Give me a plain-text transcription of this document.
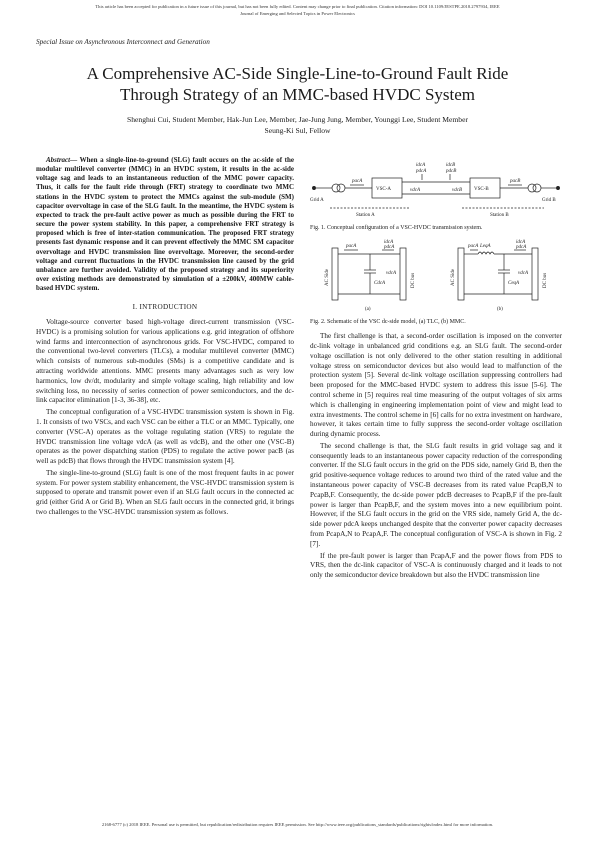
This article has been accepted for publication in a future issue of this journal, but has not been fully edited. Content may change prior to final publication. Citation information: DOI 10.1109/JESTPE.2018.2797934, IEEE
Journal of Emerging and Selected Topics in Power Electronics
Special Issue on Asynchronous Interconnect and Generation
A Comprehensive AC-Side Single-Line-to-Ground Fault Ride
Through Strategy of an MMC-based HVDC System
Shenghui Cui, Student Member, Hak-Jun Lee, Member, Jae-Jung Jung, Member, Younggi Lee, Student Member
Seung-Ki Sul, Fellow

Abstract— When a single-line-to-ground (SLG) fault occurs on the ac-side of the modular multilevel converter (MMC) in an HVDC system, it results in the ac-side voltage sag and leads to an instantaneous reduction of the MMC power capacity. Thus, it calls for the fault ride through (FRT) strategy to coordinate two MMC stations in the HVDC system to protect the MMCs against the sub-module (SM) capacitor overvoltage in case of the SLG fault. In the meantime, the HVDC system is expected to track the pre-fault active power as much as possible during the FRT to secure the power system stability. In this paper, a comprehensive FRT strategy is proposed which is free of inter-station communication. The proposed FRT strategy presents fast dynamic response and it can prevent effectively the MMC SM capacitor overvoltage and HVDC transmission line overvoltage. Moreover, the second-order voltage and current fluctuations in the HVDC transmission line caused by the grid unbalance are further avoided. Validity of the proposed strategy and its superiority over existing methods are demonstrated by simulation of a ±200kV, 400MW cable-based HVDC system.

I. INTRODUCTION

Voltage-source converter based high-voltage direct-current transmission (VSC-HVDC) is a promising solution for various applications e.g. grid integration of offshore wind farms and interconnection of asynchronous grids. For VSC-HVDC, compared to the conventional two-level converters (TLCs), a modular multilevel converter (MMC) which consists of numerous sub-modules (SMs) is a competitive candidate and is attracting worldwide attentions. MMC presents many advantages such as very low harmonics, low dv/dt, modularity and simple voltage scaling, high reliability and low switching loss, no necessity of series connection of power semiconductors, and the dc-link capacitor elimination [1-3, 36-38], etc.

The conceptual configuration of a VSC-HVDC transmission system is shown in Fig. 1. It consists of two VSCs, and each VSC can be either a TLC or an MMC. Typically, one converter (VSC-A) operates as the voltage regulating station (VRS) to regulate the HVDC transmission line voltage vdcA (as well as vdcB), and the other one (VSC-B) operates as the power dispatching station (PDS) to regulate the active power pacB (as well as pdcB) that flows through the HVDC transmission system [4].

The single-line-to-ground (SLG) fault is one of the most frequent faults in ac power system. For power system stability enhancement, the VSC-HVDC transmission system is supposed to operate and transmit power even if an SLG fault occurs in the connected ac grid (either Grid A or Grid B). When an SLG fault occurs in the connected grid, it brings two challenges to the VSC-HVDC transmission system as follows.

VSC-A	VSC-B
Grid A	Grid B
Station A	Station B
pacA	pacB
vdcA	vdcB
idcA	idcB
pdcA	pdcB
Fig. 1. Conceptual configuration of a VSC-HVDC transmission system.
AC Side	DC bus
pacA
idcA
pdcA
CdcA
vdcA
(a)
AC Side	DC bus
pacA LeqA
idcA
pdcA
CeqA
vdcA
(b)
Fig. 2. Schematic of the VSC dc-side model, (a) TLC, (b) MMC.

The first challenge is that, a second-order oscillation is imposed on the converter dc-link voltage in unbalanced grid conditions e.g. an SLG fault. The second-order voltage oscillation is not only delivered to the other station resulting in additional voltage stress on semiconductor devices but also would lead to malfunction of the protection system [5]. Several dc-link voltage oscillation suppressing controllers had been proposed for the MMC-based HVDC system to address this issue [5-6]. The control scheme in [5] requires real time measuring of the output voltages of six arms which is challenging in engineering implementation point of view and might lead to extra investments. The control scheme in [6] calls for no extra investment on hardware, however, it takes certain time to fully suppress the second-order voltage oscillation during dynamic process.

The second challenge is that, the SLG fault results in grid voltage sag and it consequently leads to an instantaneous power capacity reduction of the corresponding converter. If the SLG fault occurs in the grid on the PDS side, namely Grid B, then the grid positive-sequence voltage reduces to around two third of the rated value and the instantaneous power capacity of VSC-B decreases from its rated value PcapB,N to PcapB,F. Consequently, the dc-side power pdcB decreases to PcapB,F if the pre-fault power is larger than PcapB,F, and the system moves into a new equilibrium point. However, if the SLG fault occurs in the grid on the VRS side, namely Grid A, the dc-side power pdcA keeps unchanged despite that the converter power capacity decreases from PcapA,N to PcapA,F. The conceptual configuration of VSC-A is shown in Fig. 2 [7].

If the pre-fault power is larger than PcapA,F and the power flows from PDS to VRS, then the dc-link capacitor of VSC-A is continuously charged and it leads to not only the semiconductor device breakdown but also the HVDC transmission line

2168-6777 (c) 2018 IEEE. Personal use is permitted, but republication/redistribution requires IEEE permission. See http://www.ieee.org/publications_standards/publications/rights/index.html for more information.
